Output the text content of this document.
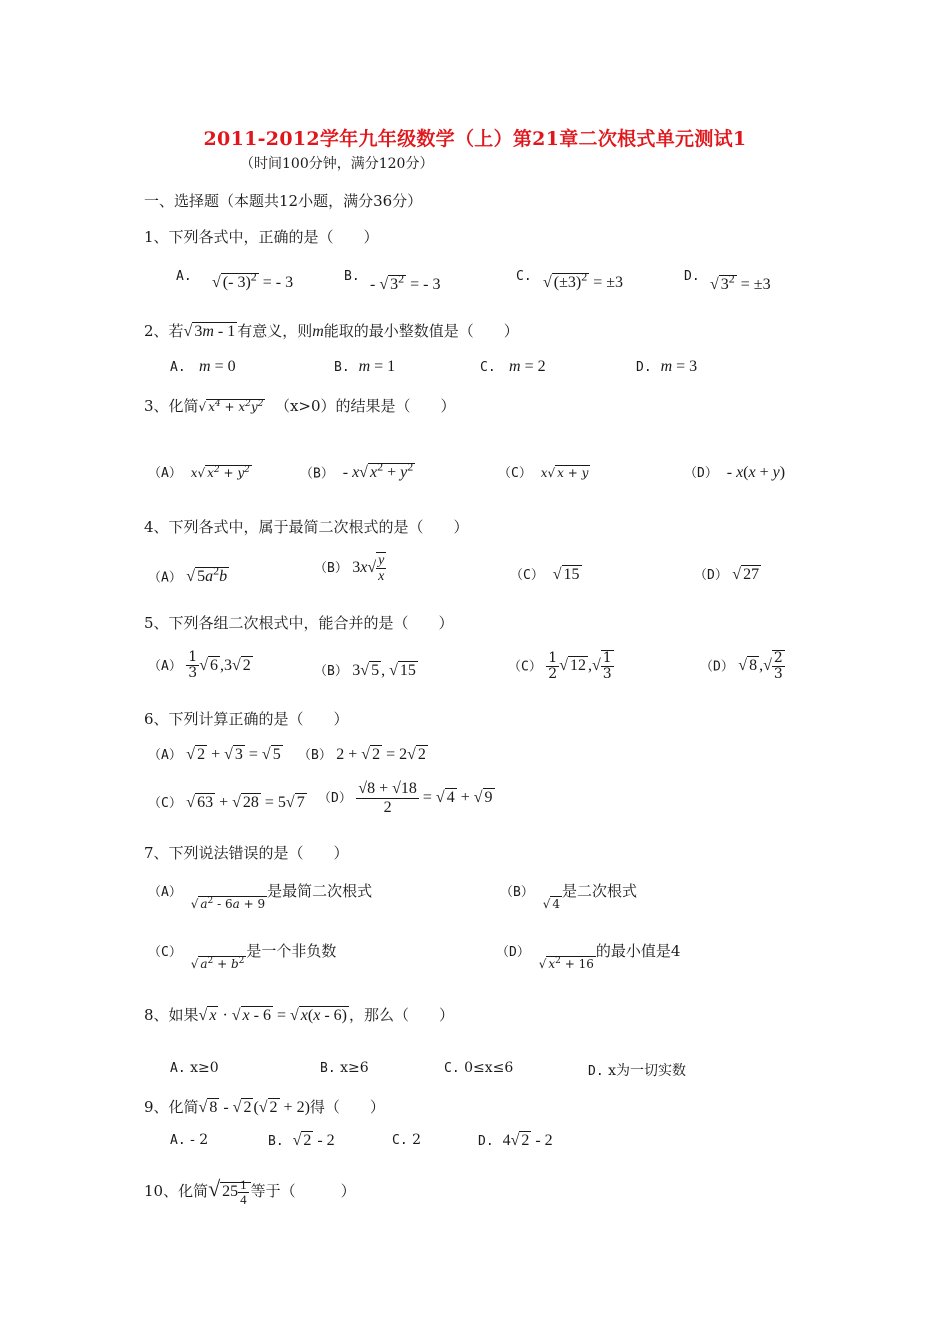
2011-2012学年九年级数学（上）第21章二次根式单元测试1
（时间100分钟，满分120分）
一、选择题（本题共12小题，满分36分）
1、下列各式中，正确的是（　　）
A. √ (- 3)$^2$ = - 3	B. - √ $3^2$ = - 3	C. √ $(\pm 3)^2 = \pm 3$	D. √ $3^2 = \pm 3$
2、若√ 3m - 1 有意义，则m能取的最小整数值是（　　）
A. m = 0	B. m = 1	C. m = 2	D. m = 3
3、化简√ $x^4 + x^2y^2$ （x>0）的结果是（　　）
（A） x√ $x^2 + y^2$	（B） - x√ $x^2 + y^2$	（C） x√ x + y	（D） - x(x + y)
4、下列各式中，属于最简二次根式的是（　　）
（A） √ $5a^2b$	（B） $3x√ \frac{y}{x}$	（C） √ 15	（D） √ 27
5、下列各组二次根式中，能合并的是（　　）
$(A) \frac{1}{3}$ √ 6 ,3√ 2	（B） 3√ 5 , √ 15	$(C) \frac{1}{2}$ √ 12 ,√ $\frac{1}{3}$	（D） √ 8 ,√ $\frac{2}{3}$
6、下列计算正确的是（　　）
（A） √ 2 + √ 3 = √ 5 （B） 2 + √ 2 = 2√ 2
（C） √ 63 + √ 28 = 5√ 7 $(D) \frac{√8 + √18}{2}$ = √ 4 + √ 9
7、下列说法错误的是（　　）
（A）  √ $a^2 - 6a + 9$是最简二次根式	（B）  √ 4是二次根式
（C）  √ $a^2 + b^2$是一个非负数	（D）  √ $x^2 + 16$的最小值是4
8、如果√ x · √ x - 6 = √ x(x - 6) ，那么（　　）
A. x≥0	B. x≥6	C. 0≤x≤6	D. x为一切实数
9、化简√ 8 - √ 2 (√ 2 + 2)得（　　）
A. - 2	B. √ 2 - 2	C. 2	D. 4√ 2 - 2
10、化简√ $25 \frac{1}{4}$ 等于（　　　）
